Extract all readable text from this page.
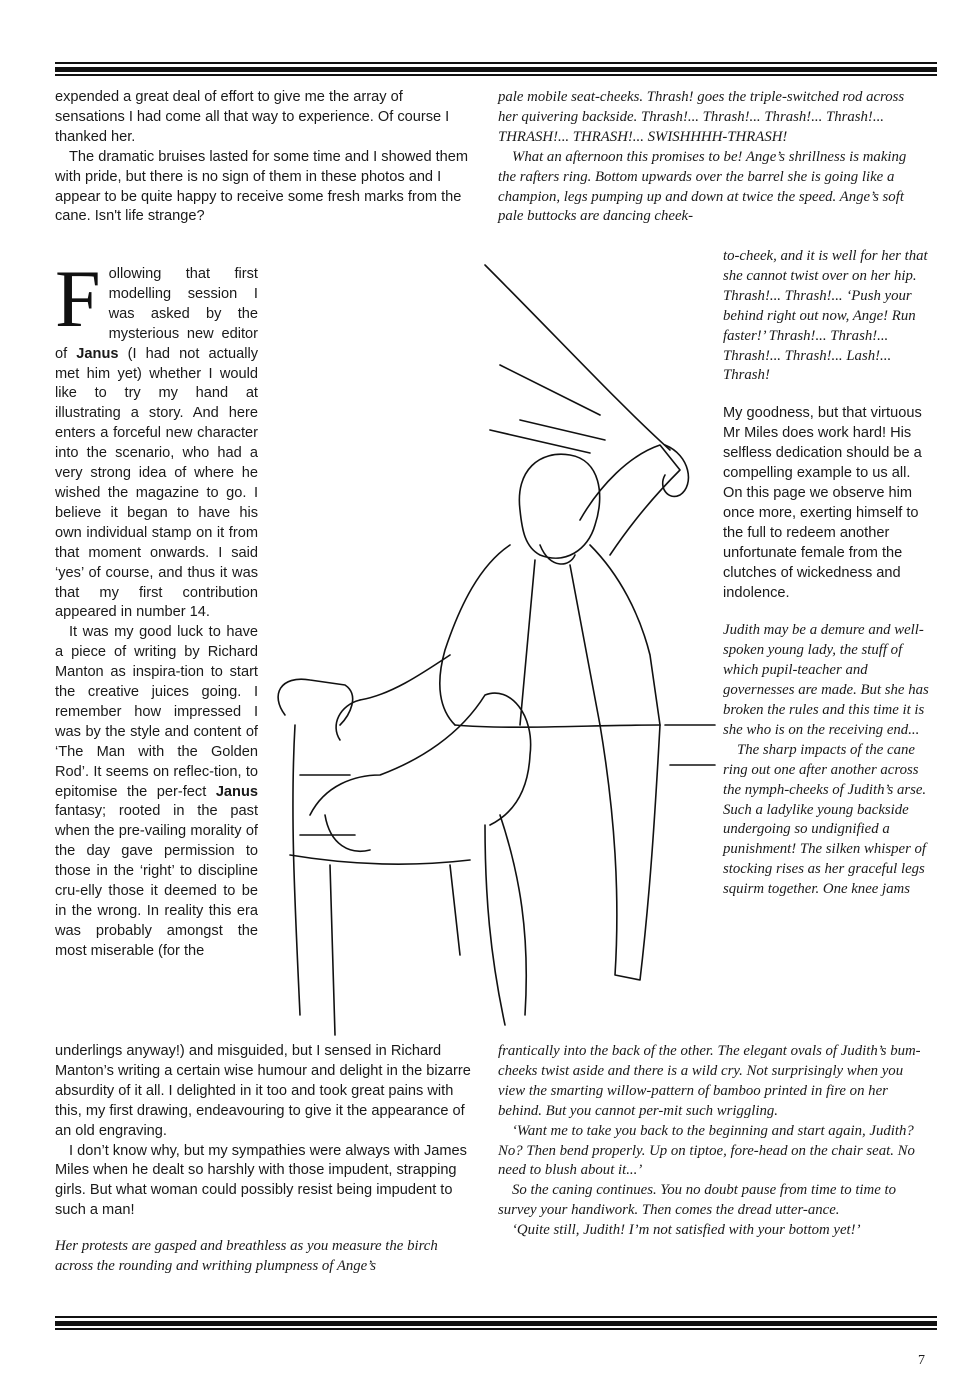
expended a great deal of effort to give me the array of sensations I had come all that way to experience. Of course I thanked her.

The dramatic bruises lasted for some time and I showed them with pride, but there is no sign of them in these photos and I appear to be quite happy to receive some fresh marks from the cane. Isn't life strange?

Following that first modelling session I was asked by the mysterious new editor of Janus (I had not actually met him yet) whether I would like to try my hand at illustrating a story. And here enters a forceful new character into the scenario, who had a very strong idea of where he wished the magazine to go. I believe it began to have his own individual stamp on it from that moment onwards. I said ‘yes’ of course, and thus it was that my first contribution appeared in number 14.

It was my good luck to have a piece of writing by Richard Manton as inspira-tion to start the creative juices going. I remember how impressed I was by the style and content of ‘The Man with the Golden Rod’. It seems on reflec-tion, to epitomise the per-fect Janus fantasy; rooted in the past when the pre-vailing morality of the day gave permission to those in the ‘right’ to discipline cru-elly those it deemed to be in the wrong. In reality this era was probably amongst the most miserable (for the

underlings anyway!) and misguided, but I sensed in Richard Manton’s writing a certain wise humour and delight in the bizarre absurdity of it all. I delighted in it too and took great pains with this, my first drawing, endeavouring to give it the appearance of an old engraving.

I don’t know why, but my sympathies were always with James Miles when he dealt so harshly with those impudent, strapping girls. But what woman could possibly resist being impudent to such a man!

Her protests are gasped and breathless as you measure the birch across the rounding and writhing plumpness of Ange’s

pale mobile seat-cheeks. Thrash! goes the triple-switched rod across her quivering backside. Thrash!... Thrash!... Thrash!... Thrash!... THRASH!... THRASH!... SWISHHHH-THRASH!

What an afternoon this promises to be! Ange’s shrillness is making the rafters ring. Bottom upwards over the barrel she is going like a champion, legs pumping up and down at twice the speed. Ange’s soft pale buttocks are dancing cheek-

to-cheek, and it is well for her that she cannot twist over on her hip. Thrash!... Thrash!... ‘Push your behind right out now, Ange! Run faster!’ Thrash!... Thrash!... Thrash!... Thrash!... Lash!... Thrash!

My goodness, but that virtuous Mr Miles does work hard! His selfless dedication should be a compelling example to us all. On this page we observe him once more, exerting himself to the full to redeem another unfortunate female from the clutches of wickedness and indolence.

Judith may be a demure and well-spoken young lady, the stuff of which pupil-teacher and governesses are made. But she has broken the rules and this time it is she who is on the receiving end...

The sharp impacts of the cane ring out one after another across the nymph-cheeks of Judith’s arse. Such a ladylike young backside undergoing so undignified a punishment! The silken whisper of stocking rises as her graceful legs squirm together. One knee jams

frantically into the back of the other. The elegant ovals of Judith’s bum-cheeks twist aside and there is a wild cry. Not surprisingly when you view the smarting willow-pattern of bamboo printed in fire on her behind. But you cannot per-mit such wriggling.

‘Want me to take you back to the beginning and start again, Judith? No? Then bend properly. Up on tiptoe, fore-head on the chair seat. No need to blush about it...’

So the caning continues. You no doubt pause from time to time to survey your handiwork. Then comes the dread utter-ance.

‘Quite still, Judith! I’m not satisfied with your bottom yet!’

7
